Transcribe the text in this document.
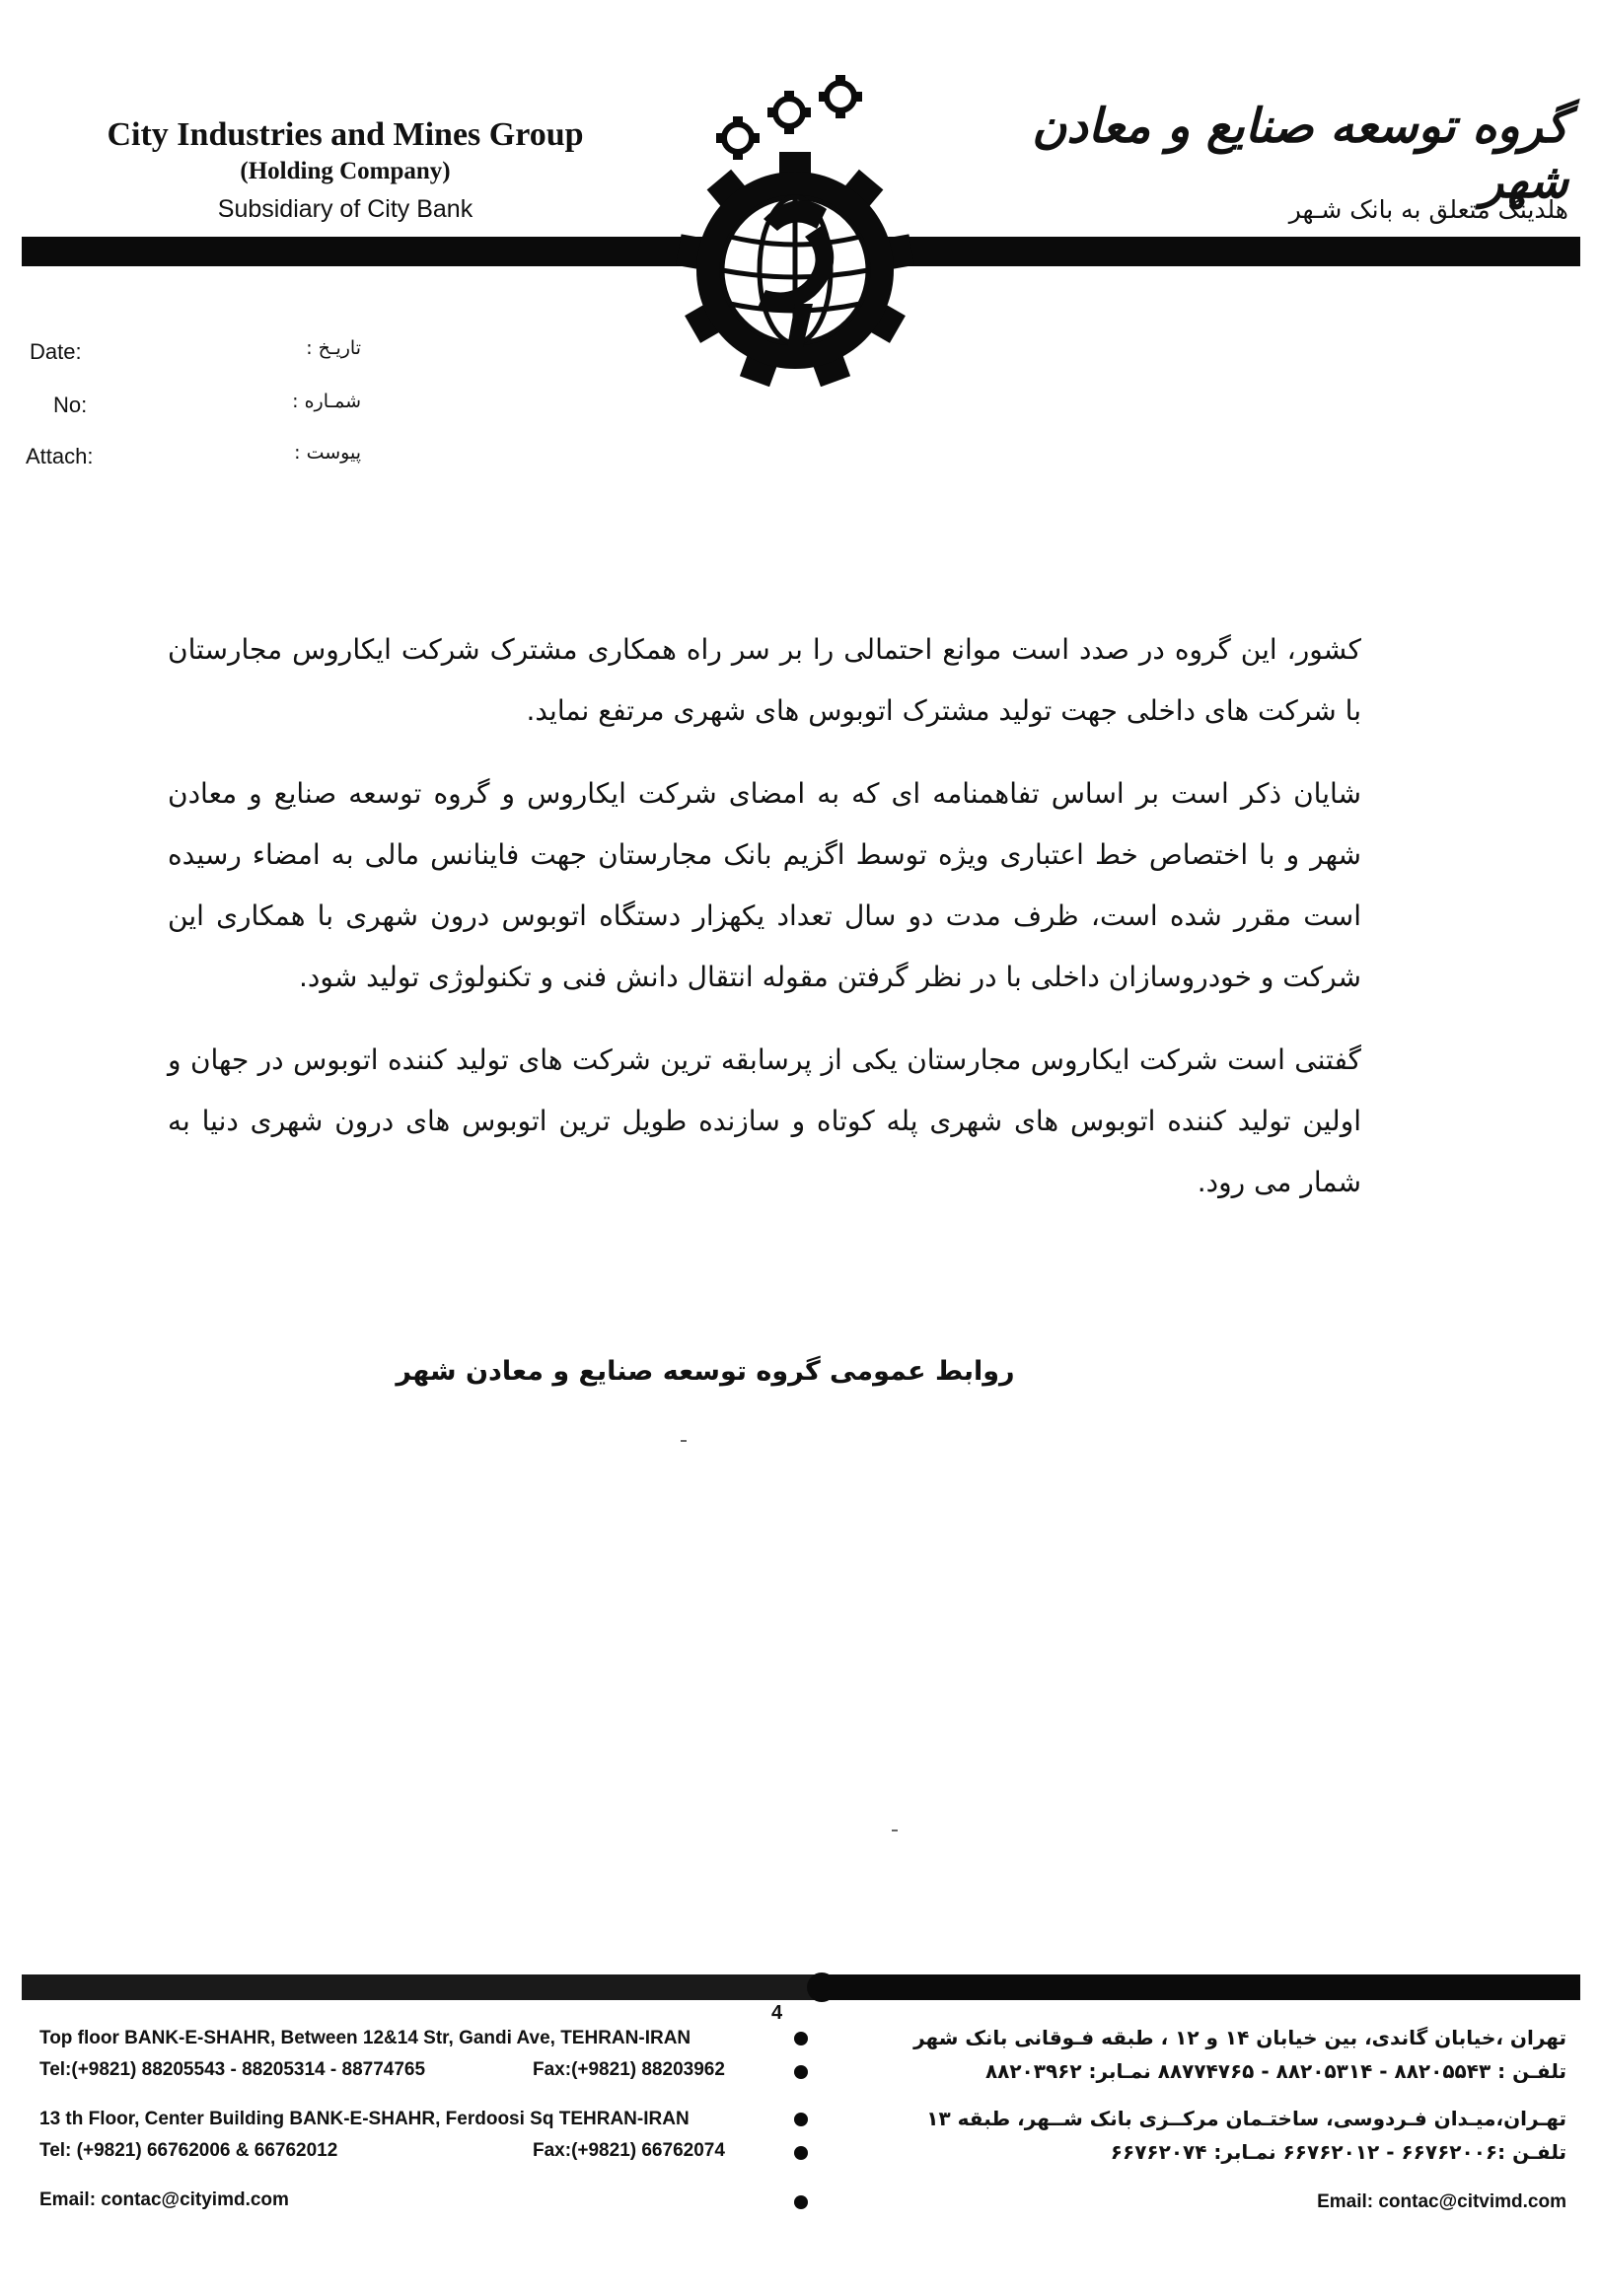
City Industries and Mines Group
(Holding Company)
Subsidiary of City Bank
گروه توسعه صنایع و معادن شهر
هلدینگ متعلق به بانک شـهر
Date:
No:
Attach:
تاریـخ :
شمـاره :
پیوست :

کشور، این گروه در صدد است موانع احتمالی را بر سر راه همکاری مشترک شرکت ایکاروس مجارستان با شرکت های داخلی جهت تولید مشترک اتوبوس های شهری مرتفع نماید.

شایان ذکر است بر اساس تفاهمنامه ای که به امضای شرکت ایکاروس و گروه توسعه صنایع و معادن شهر و با اختصاص خط اعتباری ویژه توسط اگزیم بانک مجارستان جهت فاینانس مالی به امضاء رسیده است مقرر شده است، ظرف مدت دو سال تعداد یکهزار دستگاه اتوبوس درون شهری با همکاری این شرکت و خودروسازان داخلی با در نظر گرفتن مقوله انتقال دانش فنی و تکنولوژی تولید شود.

گفتنی است شرکت ایکاروس مجارستان یکی از پرسابقه ترین شرکت های تولید کننده اتوبوس در جهان و اولین تولید کننده اتوبوس های شهری پله کوتاه و سازنده طویل ترین اتوبوس های درون شهری دنیا به شمار می رود.

روابط عمومی گروه توسعه صنایع و معادن شهر
4
Top floor BANK-E-SHAHR, Between 12&14 Str, Gandi Ave, TEHRAN-IRAN
Tel:(+9821) 88205543 - 88205314 - 88774765	Fax:(+9821) 88203962
13 th Floor, Center Building BANK-E-SHAHR, Ferdoosi Sq TEHRAN-IRAN
Tel: (+9821) 66762006 & 66762012	Fax:(+9821) 66762074
Email: contac@cityimd.com
تهران ،خیابان گاندی، بین خیابان ۱۴ و ۱۲ ، طبقه فـوقانی بانک شهر
تلفـن : ۸۸۲۰۵۵۴۳ - ۸۸۲۰۵۳۱۴ - ۸۸۷۷۴۷۶۵ نمـابر: ۸۸۲۰۳۹۶۲
تهـران،میـدان فـردوسی، ساختـمان مرکــزی بانک شــهر، طبقه ۱۳
تلفـن :۶۶۷۶۲۰۰۶ - ۶۶۷۶۲۰۱۲ نمـابر: ۶۶۷۶۲۰۷۴
Email: contac@citvimd.com
